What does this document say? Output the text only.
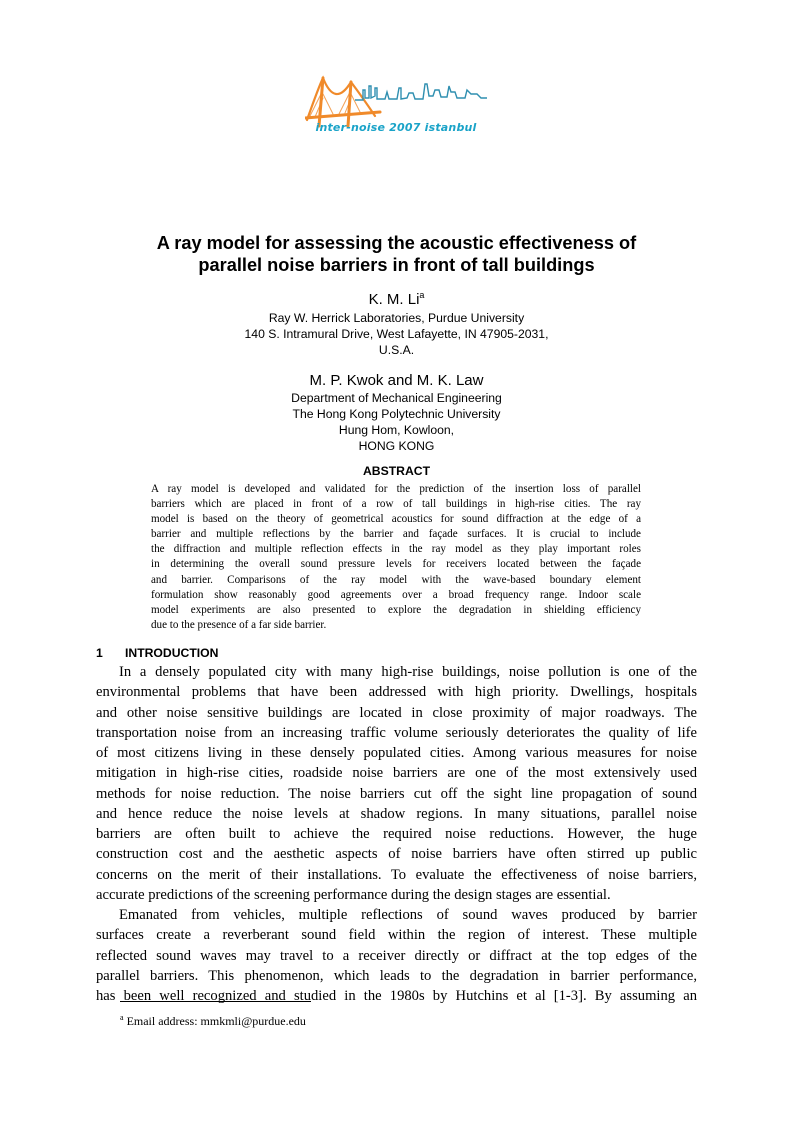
inter-noise 2007 istanbul
A ray model for assessing the acoustic effectiveness of
parallel noise barriers in front of tall buildings
K. M. Li$^a$
Ray W. Herrick Laboratories, Purdue University
140 S. Intramural Drive, West Lafayette, IN 47905-2031,
U.S.A.
M. P. Kwok and M. K. Law
Department of Mechanical Engineering
The Hong Kong Polytechnic University
Hung Hom, Kowloon,
HONG KONG
ABSTRACT
A ray model is developed and validated for the prediction of the insertion loss of parallel
barriers which are placed in front of a row of tall buildings in high-rise cities. The ray
model is based on the theory of geometrical acoustics for sound diffraction at the edge of a
barrier and multiple reflections by the barrier and façade surfaces. It is crucial to include
the diffraction and multiple reflection effects in the ray model as they play important roles
in determining the overall sound pressure levels for receivers located between the façade
and barrier. Comparisons of the ray model with the wave-based boundary element
formulation show reasonably good agreements over a broad frequency range. Indoor scale
model experiments are also presented to explore the degradation in shielding efficiency
due to the presence of a far side barrier.
1 INTRODUCTION
In a densely populated city with many high-rise buildings, noise pollution is one of the
environmental problems that have been addressed with high priority. Dwellings, hospitals
and other noise sensitive buildings are located in close proximity of major roadways. The
transportation noise from an increasing traffic volume seriously deteriorates the quality of life
of most citizens living in these densely populated cities. Among various measures for noise
mitigation in high-rise cities, roadside noise barriers are one of the most extensively used
methods for noise reduction. The noise barriers cut off the sight line propagation of sound
and hence reduce the noise levels at shadow regions. In many situations, parallel noise
barriers are often built to achieve the required noise reductions. However, the huge
construction cost and the aesthetic aspects of noise barriers have often stirred up public
concerns on the merit of their installations. To evaluate the effectiveness of noise barriers,
accurate predictions of the screening performance during the design stages are essential.
Emanated from vehicles, multiple reflections of sound waves produced by barrier
surfaces create a reverberant sound field within the region of interest. These multiple
reflected sound waves may travel to a receiver directly or diffract at the top edges of the
parallel barriers. This phenomenon, which leads to the degradation in barrier performance,
has been well recognized and studied in the 1980s by Hutchins et al [1-3]. By assuming an
$^a$ Email address: mmkmli@purdue.edu
